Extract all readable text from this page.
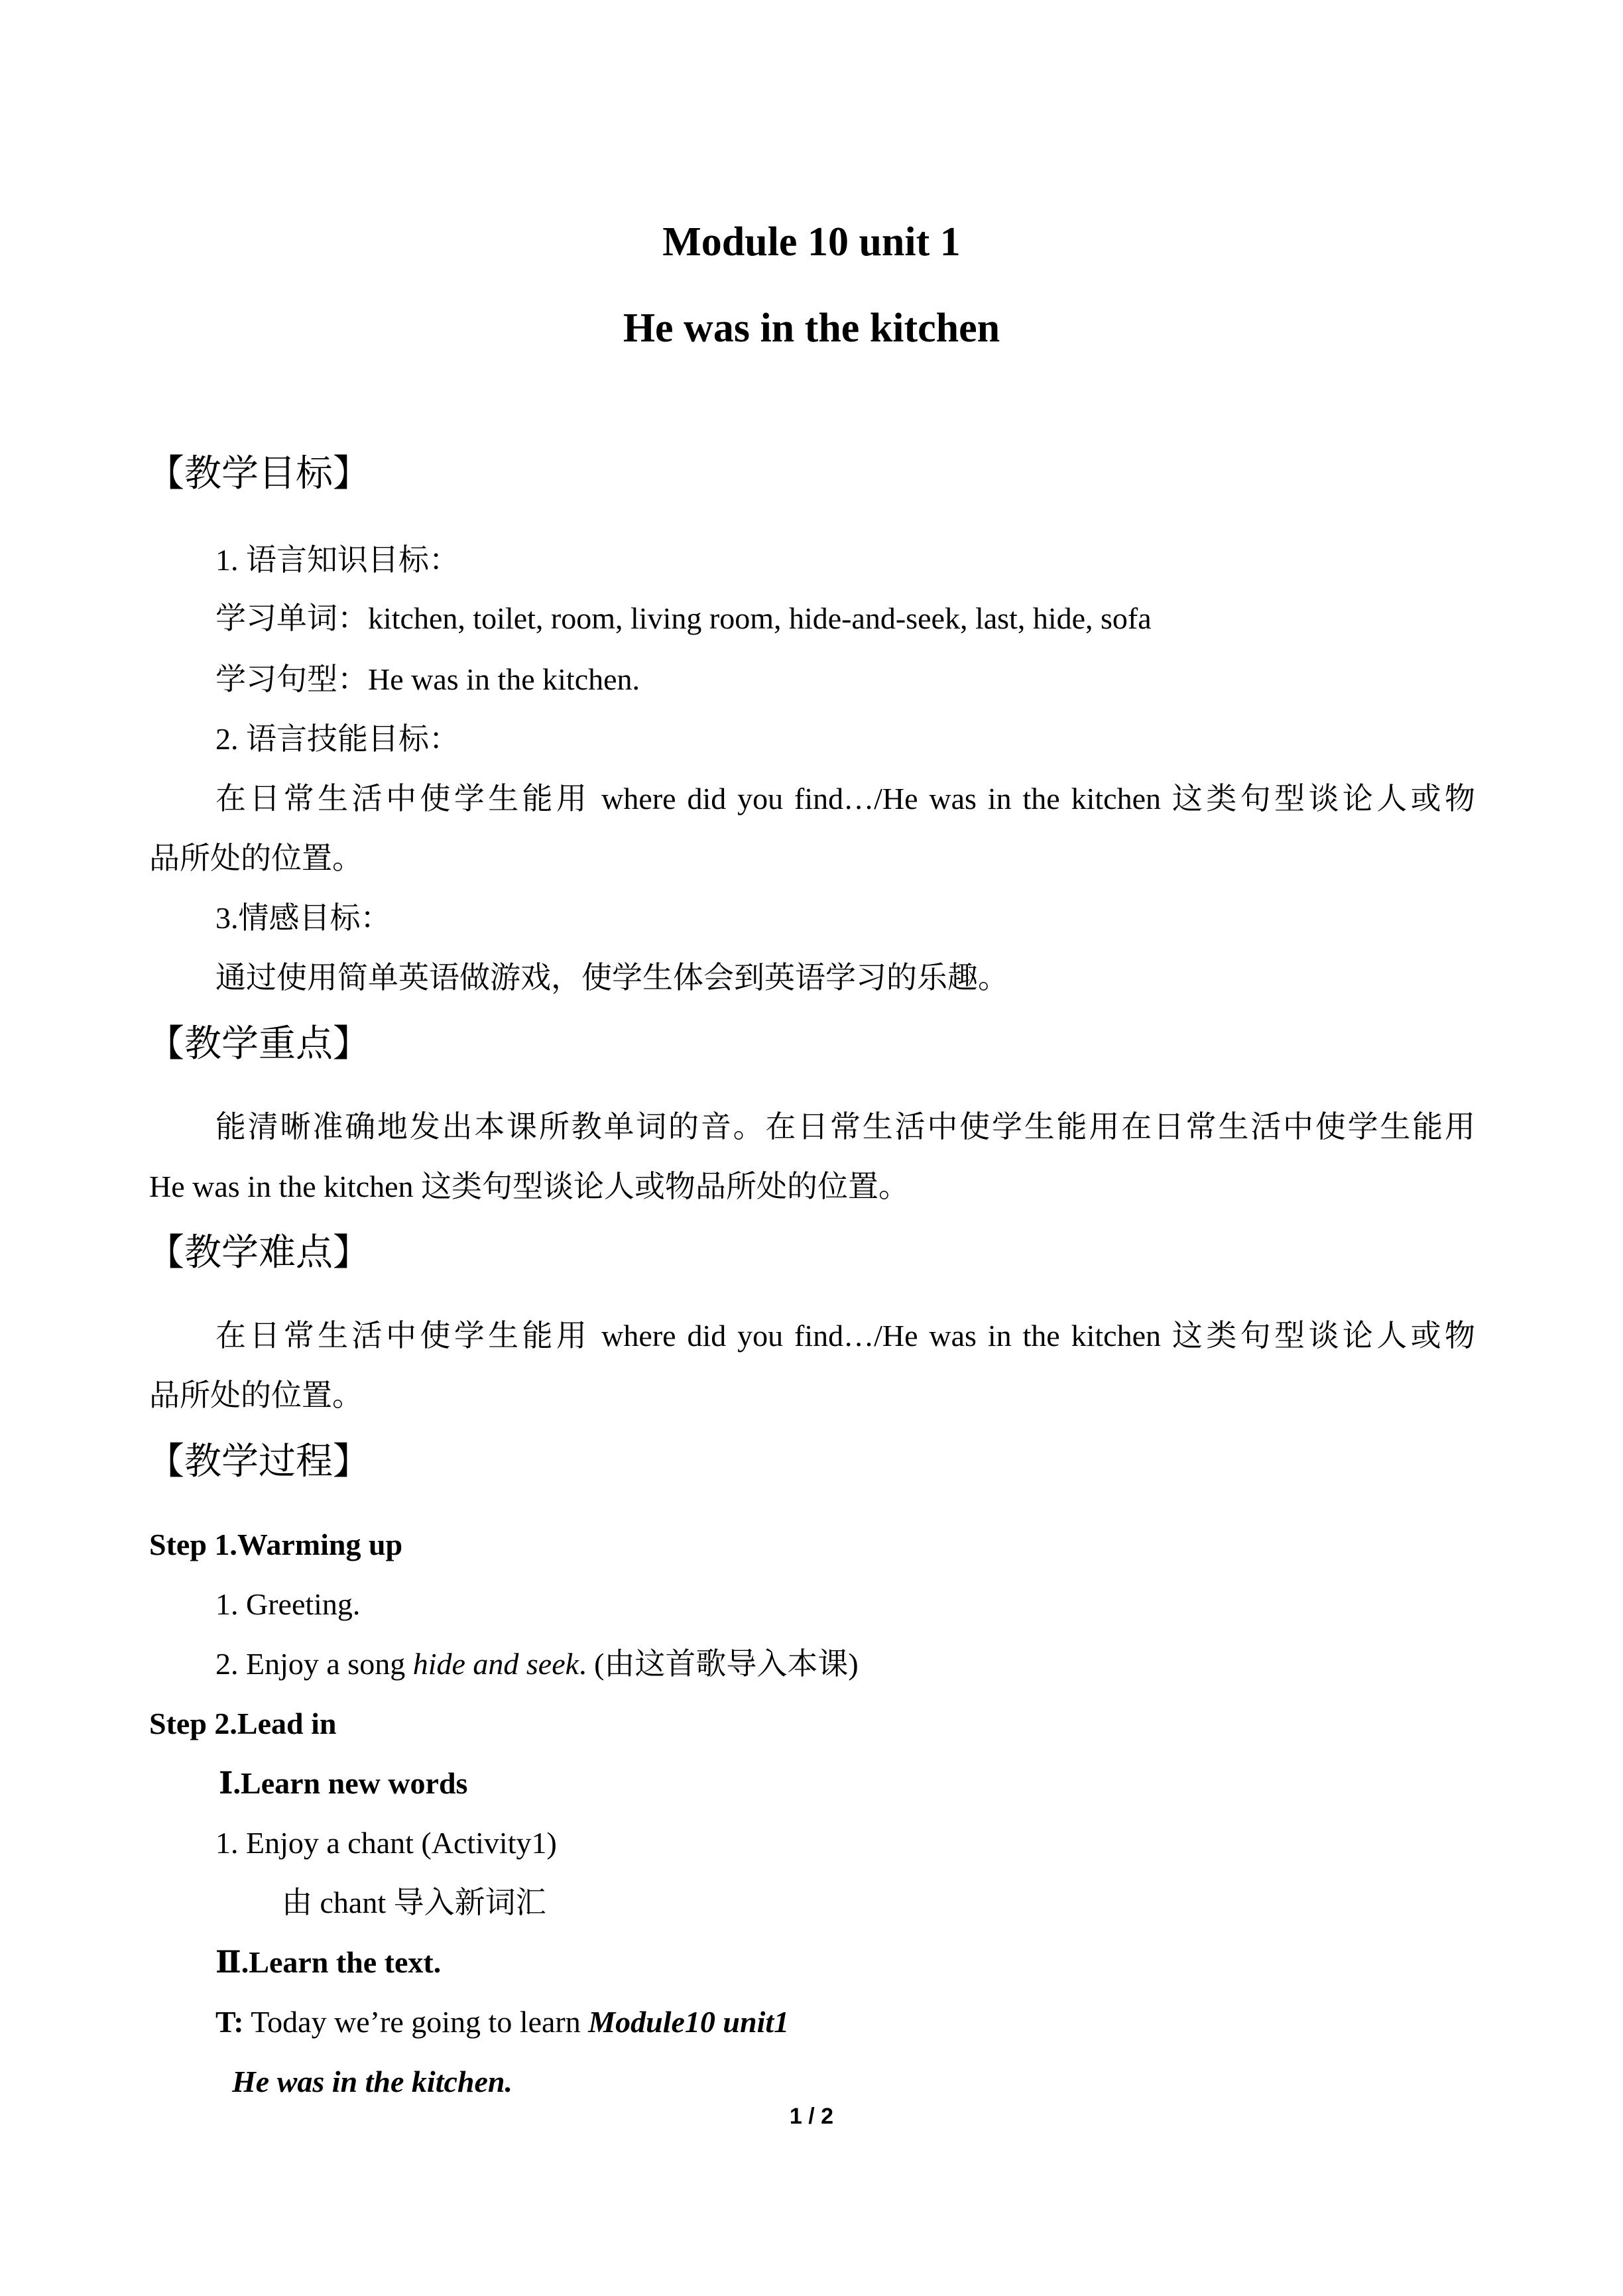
Module 10 unit 1
He was in the kitchen
【教学目标】
1. 语言知识目标：
学习单词：kitchen, toilet, room, living room, hide-and-seek, last, hide, sofa
学习句型：He was in the kitchen.
2. 语言技能目标：
在日常生活中使学生能用 where did you find…/He was in the kitchen 这类句型谈论人或物
品所处的位置。
3.情感目标：
通过使用简单英语做游戏，使学生体会到英语学习的乐趣。
【教学重点】
能清晰准确地发出本课所教单词的音。在日常生活中使学生能用在日常生活中使学生能用
He was in the kitchen 这类句型谈论人或物品所处的位置。
【教学难点】
在日常生活中使学生能用 where did you find…/He was in the kitchen 这类句型谈论人或物
品所处的位置。
【教学过程】
Step 1.Warming up
1. Greeting.
2. Enjoy a song hide and seek. (由这首歌导入本课)
Step 2.Lead in
Ⅰ.Learn new words
1. Enjoy a chant (Activity1)
由 chant 导入新词汇
Ⅱ.Learn the text.
T: Today we’re going to learn Module10 unit1
He was in the kitchen.
1 / 2
